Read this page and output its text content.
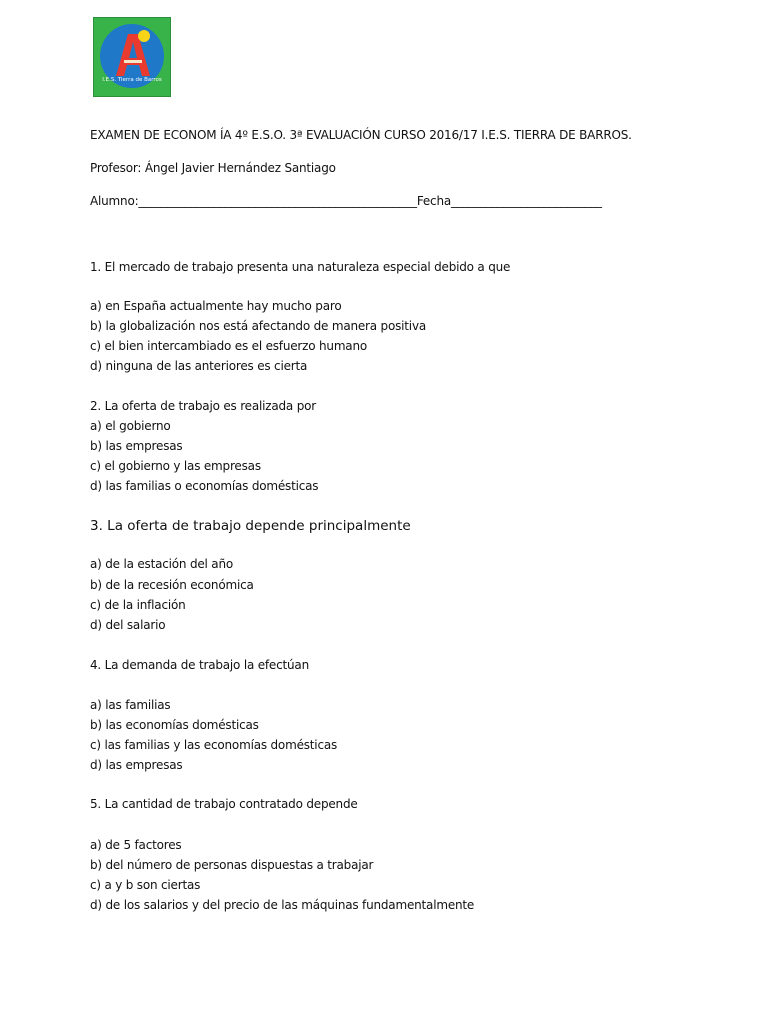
I.E.S. Tierra de Barros
EXAMEN DE ECONOM ÍA 4º E.S.O. 3ª EVALUACIÓN CURSO 2016/17 I.E.S. TIERRA DE BARROS.
Profesor: Ángel Javier Hernández Santiago
Alumno:________________________________________________Fecha__________________________
1. El mercado de trabajo presenta una naturaleza especial debido a que
a) en España actualmente hay mucho paro
b) la globalización nos está afectando de manera positiva
c) el bien intercambiado es el esfuerzo humano
d) ninguna de las anteriores es cierta
2. La oferta de trabajo es realizada por
a) el gobierno
b) las empresas
c) el gobierno y las empresas
d) las familias o economías domésticas
3. La oferta de trabajo depende principalmente
a) de la estación del año
b) de la recesión económica
c) de la inflación
d) del salario
4. La demanda de trabajo la efectúan
a) las familias
b) las economías domésticas
c) las familias y las economías domésticas
d) las empresas
5. La cantidad de trabajo contratado depende
a) de 5 factores
b) del número de personas dispuestas a trabajar
c) a y b son ciertas
d) de los salarios y del precio de las máquinas fundamentalmente
